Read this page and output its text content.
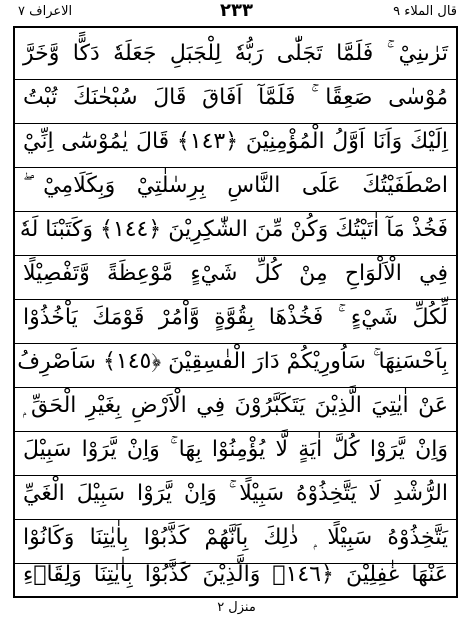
الاعراف ٧	٢٣٣	قال الملاء ٩
تَرٰىنِيْ ۚ فَلَمَّا تَجَلّٰى رَبُّهٗ لِلْجَبَلِ جَعَلَهٗ دَكًّا وَّخَرَّ
مُوْسٰى صَعِقًا ۚ فَلَمَّآ اَفَاقَ قَالَ سُبْحٰنَكَ تُبْتُ
اِلَيْكَ وَاَنَا اَوَّلُ الْمُؤْمِنِيْنَ ﴿١٤٣﴾ قَالَ يٰمُوْسٰٓى اِنِّيْ
اصْطَفَيْتُكَ عَلَى النَّاسِ بِرِسٰلٰتِيْ وَبِكَلَامِيْ ۖ
فَخُذْ مَآ اٰتَيْتُكَ وَكُنْ مِّنَ الشّٰكِرِيْنَ ﴿١٤٤﴾ وَكَتَبْنَا لَهٗ
فِي الْاَلْوَاحِ مِنْ كُلِّ شَيْءٍ مَّوْعِظَةً وَّتَفْصِيْلًا
لِّكُلِّ شَيْءٍ ۚ فَخُذْهَا بِقُوَّةٍ وَّاْمُرْ قَوْمَكَ يَاْخُذُوْا
بِاَحْسَنِهَا ۚ سَاُورِيْكُمْ دَارَ الْفٰسِقِيْنَ ﴿١٤٥﴾ سَاَصْرِفُ
عَنْ اٰيٰتِيَ الَّذِيْنَ يَتَكَبَّرُوْنَ فِي الْاَرْضِ بِغَيْرِ الْحَقِّ ۭ
وَاِنْ يَّرَوْا كُلَّ اٰيَةٍ لَّا يُؤْمِنُوْا بِهَا ۚ وَاِنْ يَّرَوْا سَبِيْلَ
الرُّشْدِ لَا يَتَّخِذُوْهُ سَبِيْلًا ۚ وَاِنْ يَّرَوْا سَبِيْلَ الْغَيِّ
يَتَّخِذُوْهُ سَبِيْلًا ۭ ذٰلِكَ بِاَنَّهُمْ كَذَّبُوْا بِاٰيٰتِنَا وَكَانُوْا
عَنْهَا غٰفِلِيْنَ ﴿١٤٦﴾ وَالَّذِيْنَ كَذَّبُوْا بِاٰيٰتِنَا وَلِقَاۗءِ
منزل ٢
